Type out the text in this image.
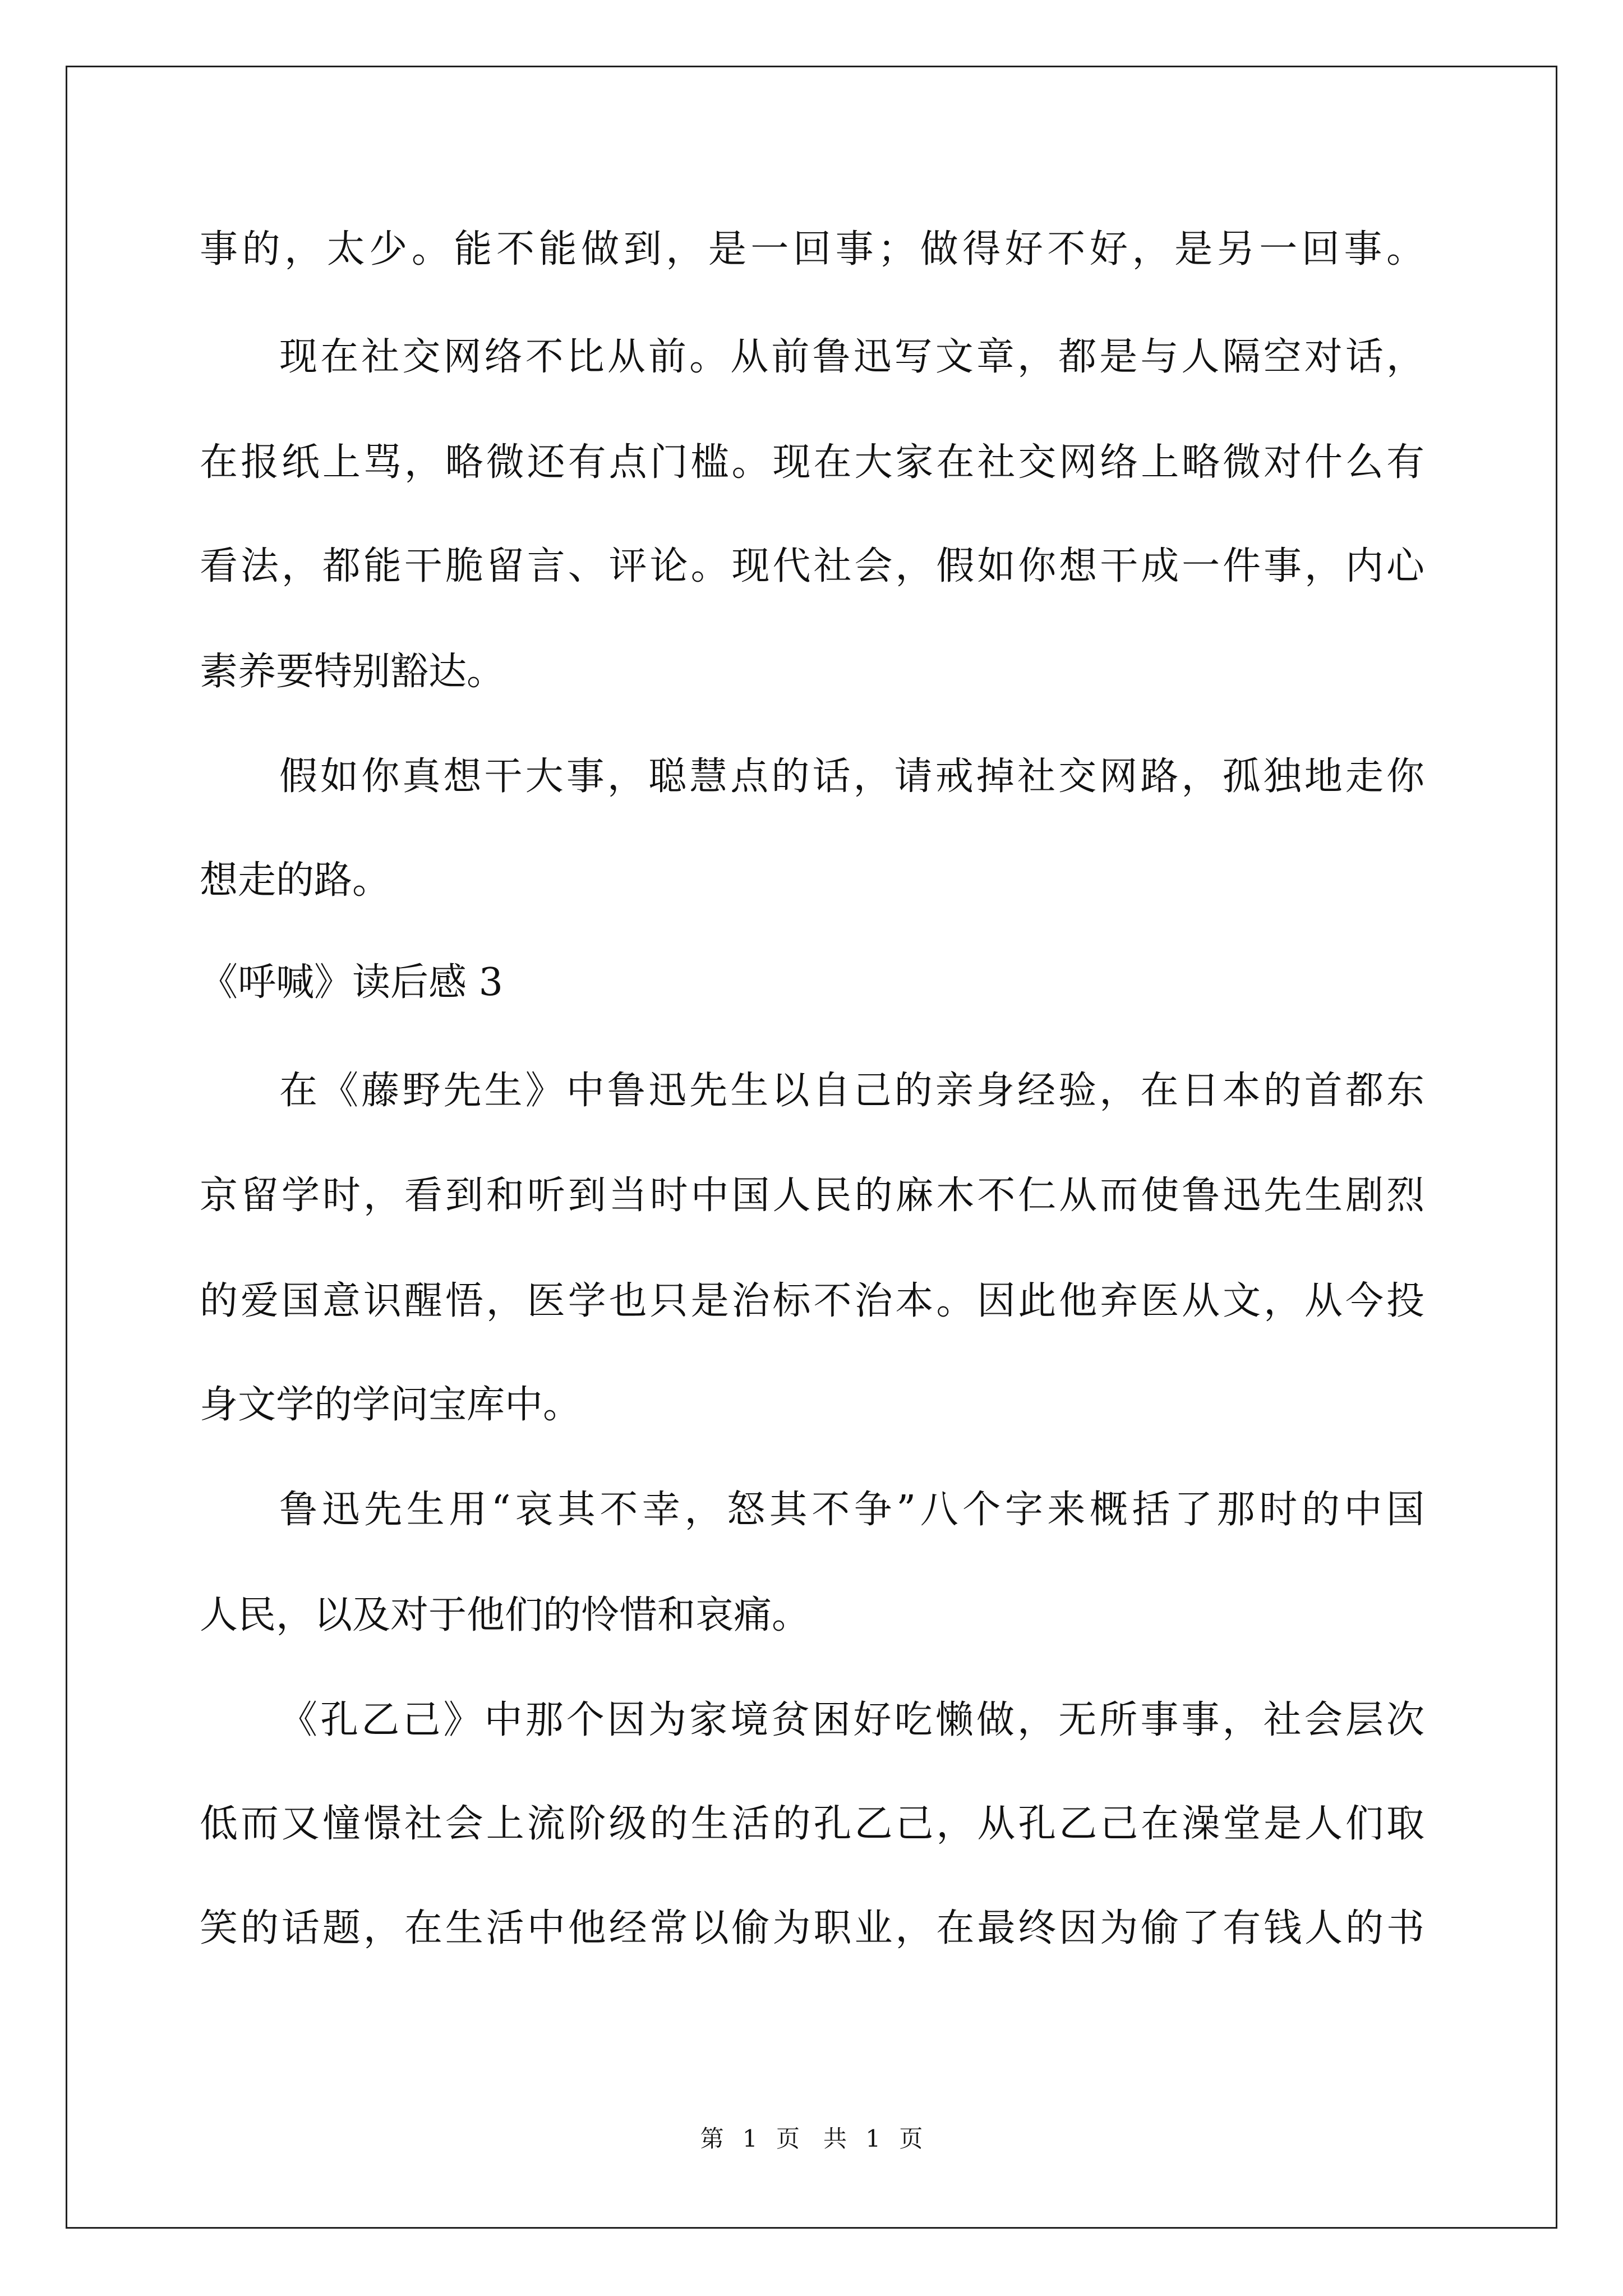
事的，太少。能不能做到，是一回事；做得好不好，是另一回事。
现在社交网络不比从前。从前鲁迅写文章，都是与人隔空对话，
在报纸上骂，略微还有点门槛。现在大家在社交网络上略微对什么有
看法，都能干脆留言、评论。现代社会，假如你想干成一件事，内心
素养要特别豁达。
假如你真想干大事，聪慧点的话，请戒掉社交网路，孤独地走你
想走的路。
《呼喊》读后感 3
在《藤野先生》中鲁迅先生以自己的亲身经验，在日本的首都东
京留学时，看到和听到当时中国人民的麻木不仁从而使鲁迅先生剧烈
的爱国意识醒悟，医学也只是治标不治本。因此他弃医从文，从今投
身文学的学问宝库中。
鲁迅先生用“哀其不幸，怒其不争”八个字来概括了那时的中国
人民，以及对于他们的怜惜和哀痛。
《孔乙己》中那个因为家境贫困好吃懒做，无所事事，社会层次
低而又憧憬社会上流阶级的生活的孔乙己，从孔乙己在澡堂是人们取
笑的话题，在生活中他经常以偷为职业，在最终因为偷了有钱人的书
第 1 页　共 1 页
